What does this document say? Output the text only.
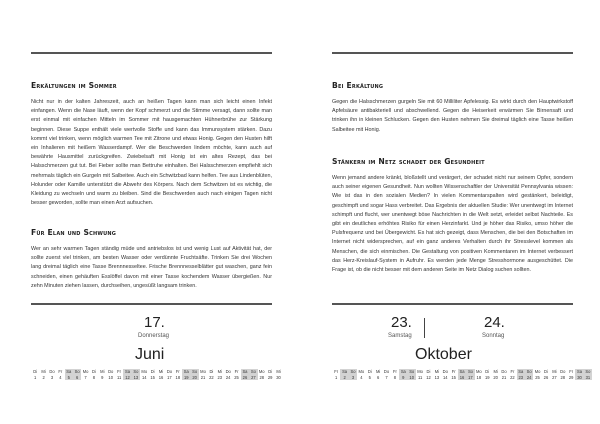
Erkältungen im Sommer
Nicht nur in der kalten Jahreszeit, auch an heißen Tagen kann man sich leicht einen Infekt einfangen. Wenn die Nase läuft, wenn der Kopf schmerzt und die Stimme versagt, dann sollte man erst einmal mit einfachen Mitteln im Sommer mit hausgemachten Hühnerbrühe zur Stärkung beginnen. Diese Suppe enthält viele wertvolle Stoffe und kann das Immunsystem stärken. Dazu kommt viel trinken, wenn möglich warmen Tee mit Zitrone und etwas Honig. Gegen den Husten hilft ein Inhalieren mit heißem Wasserdampf. Wer die Beschwerden lindern möchte, kann auch auf bewährte Hausmittel zurückgreifen. Zwiebelsaft mit Honig ist ein altes Rezept, das bei Halsschmerzen gut tut. Bei Fieber sollte man Bettruhe einhalten. Bei Halsschmerzen empfiehlt sich mehrmals täglich ein Gurgeln mit Salbeitee. Auch ein Schwitzbad kann helfen. Tee aus Lindenblüten, Holunder oder Kamille unterstützt die Abwehr des Körpers. Nach dem Schwitzen ist es wichtig, die Kleidung zu wechseln und warm zu bleiben. Sind die Beschwerden auch nach einigen Tagen nicht besser geworden, sollte man einen Arzt aufsuchen.
Für Elan und Schwung
Wer an sehr warmen Tagen ständig müde und antriebslos ist und wenig Lust auf Aktivität hat, der sollte zuerst viel trinken, am besten Wasser oder verdünnte Fruchtsäfte. Trinken Sie drei Wochen lang dreimal täglich eine Tasse Brennnesseltee. Frische Brennnesselblätter gut waschen, ganz fein schneiden, einen gehäuften Esslöffel davon mit einer Tasse kochendem Wasser übergießen. Nur zehn Minuten ziehen lassen, durchseihen, ungesüßt langsam trinken.
17.
Donnerstag
Juni
Di
1
Mi
2
Do
3
Fr
4
Sa
5
So
6
Mo
7
Di
8
Mi
9
Do
10
Fr
11
Sa
12
So
13
Mo
14
Di
15
Mi
16
Do
17
Fr
18
Sa
19
So
20
Mo
21
Di
22
Mi
23
Do
24
Fr
25
Sa
26
So
27
Mo
28
Di
29
Mi
30
Bei Erkältung
Gegen die Halsschmerzen gurgeln Sie mit 60 Milliliter Apfelessig. Es wirkt durch den Hauptwirkstoff Apfelsäure antibakteriell und abschwellend. Gegen die Heiserkeit erwärmen Sie Birnensaft und trinken ihn in kleinen Schlucken. Gegen den Husten nehmen Sie dreimal täglich eine Tasse heißen Salbeitee mit Honig.
Stänkern im Netz schadet der Gesundheit
Wenn jemand andere kränkt, bloßstellt und verärgert, der schadet nicht nur seinem Opfer, sondern auch seiner eigenen Gesundheit. Nun wollten Wissenschaftler der Universität Pennsylvania wissen: Wie ist das in den sozialen Medien? In vielen Kommentarspalten wird gestänkert, beleidigt, geschimpft und sogar Hass verbreitet. Das Ergebnis der aktuellen Studie: Wer unentwegt im Internet schimpft und flucht, wer unentwegt böse Nachrichten in die Welt setzt, erleidet selbst Nachteile. Es gibt ein deutliches erhöhtes Risiko für einen Herzinfarkt. Und je höher das Risiko, umso höher die Pulsfrequenz und bei Übergewicht. Es hat sich gezeigt, dass Menschen, die bei den Botschaften im Internet nicht widersprechen, auf ein ganz anderes Verhalten durch ihr Stresslevel kommen als Menschen, die sich einmischen. Die Gestaltung von positiven Kommentaren im Internet verbessert das Herz-Kreislauf-System in Aufruhr. Es werden jede Menge Stresshormone ausgeschüttet. Die Frage ist, ob die nicht besser mit dem anderen Seite im Netz Dialog suchen sollten.
23.
Samstag
24.
Sonntag
Oktober
Fr
1
Sa
2
So
3
Mo
4
Di
5
Mi
6
Do
7
Fr
8
Sa
9
So
10
Mo
11
Di
12
Mi
13
Do
14
Fr
15
Sa
16
So
17
Mo
18
Di
19
Mi
20
Do
21
Fr
22
Sa
23
So
24
Mo
25
Di
26
Mi
27
Do
28
Fr
29
Sa
30
So
31
